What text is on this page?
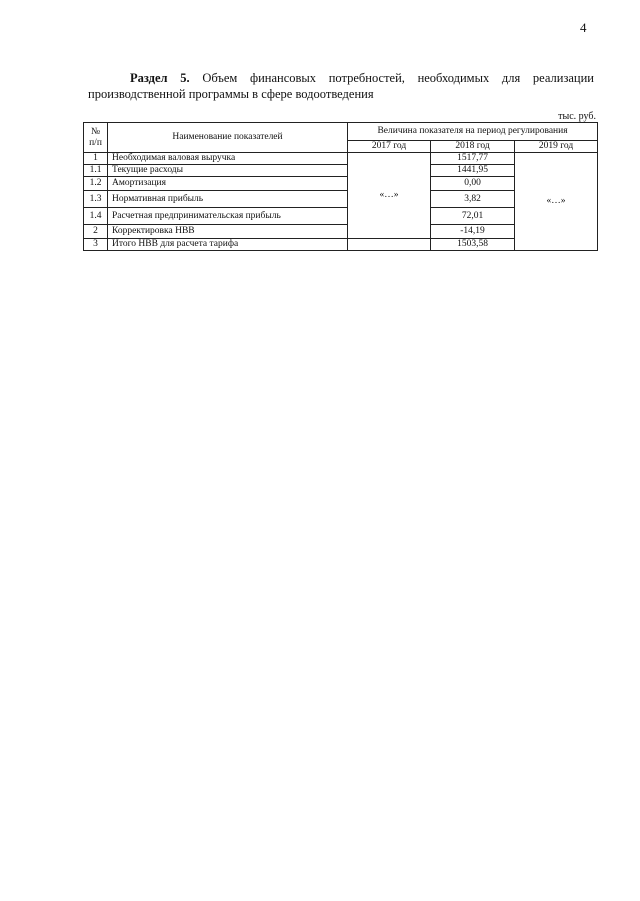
4
Раздел 5. Объем финансовых потребностей, необходимых для реализации производственной программы в сфере водоотведения
тыс. руб.
№ п/п	Наименование показателей	Величина показателя на период регулирования		
		2017 год	2018 год	2019 год
1	Необходимая валовая выручка	«…»	1517,77	«…»
1.1	Текущие расходы		1441,95	
1.2	Амортизация		0,00	
1.3	Нормативная прибыль		3,82	
1.4	Расчетная предпринимательская прибыль		72,01	
2	Корректировка НВВ		-14,19	
3	Итого НВВ для расчета тарифа		1503,58	
